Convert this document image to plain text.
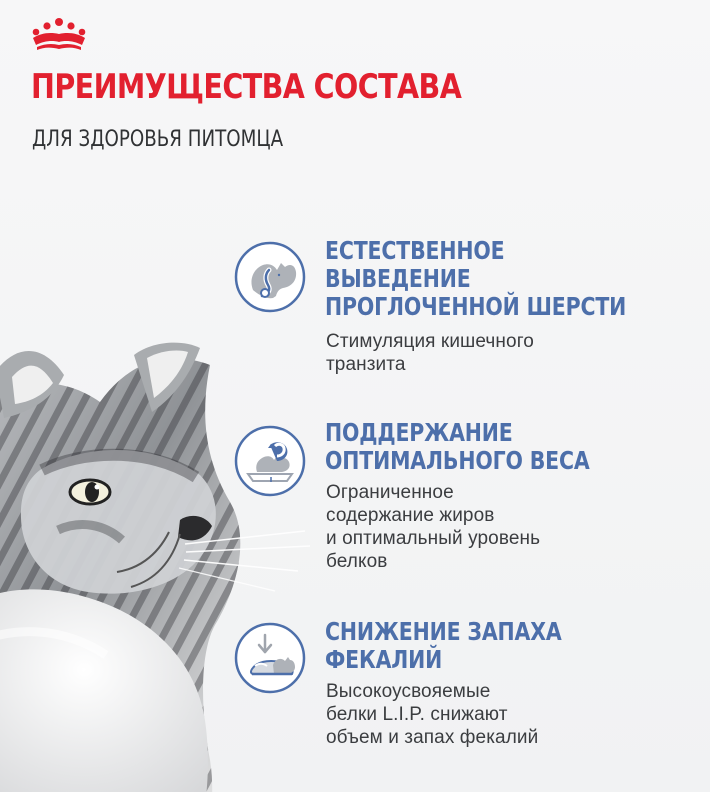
ПРЕИМУЩЕСТВА СОСТАВА
ДЛЯ ЗДОРОВЬЯ ПИТОМЦА
ЕСТЕСТВЕННОЕ
ВЫВЕДЕНИЕ
ПРОГЛОЧЕННОЙ ШЕРСТИ

Стимуляция кишечного
транзита

ПОДДЕРЖАНИЕ
ОПТИМАЛЬНОГО ВЕСА

Ограниченное
содержание жиров
и оптимальный уровень
белков

СНИЖЕНИЕ ЗАПАХА
ФЕКАЛИЙ

Высокоусвояемые
белки L.I.P. снижают
объем и запах фекалий
